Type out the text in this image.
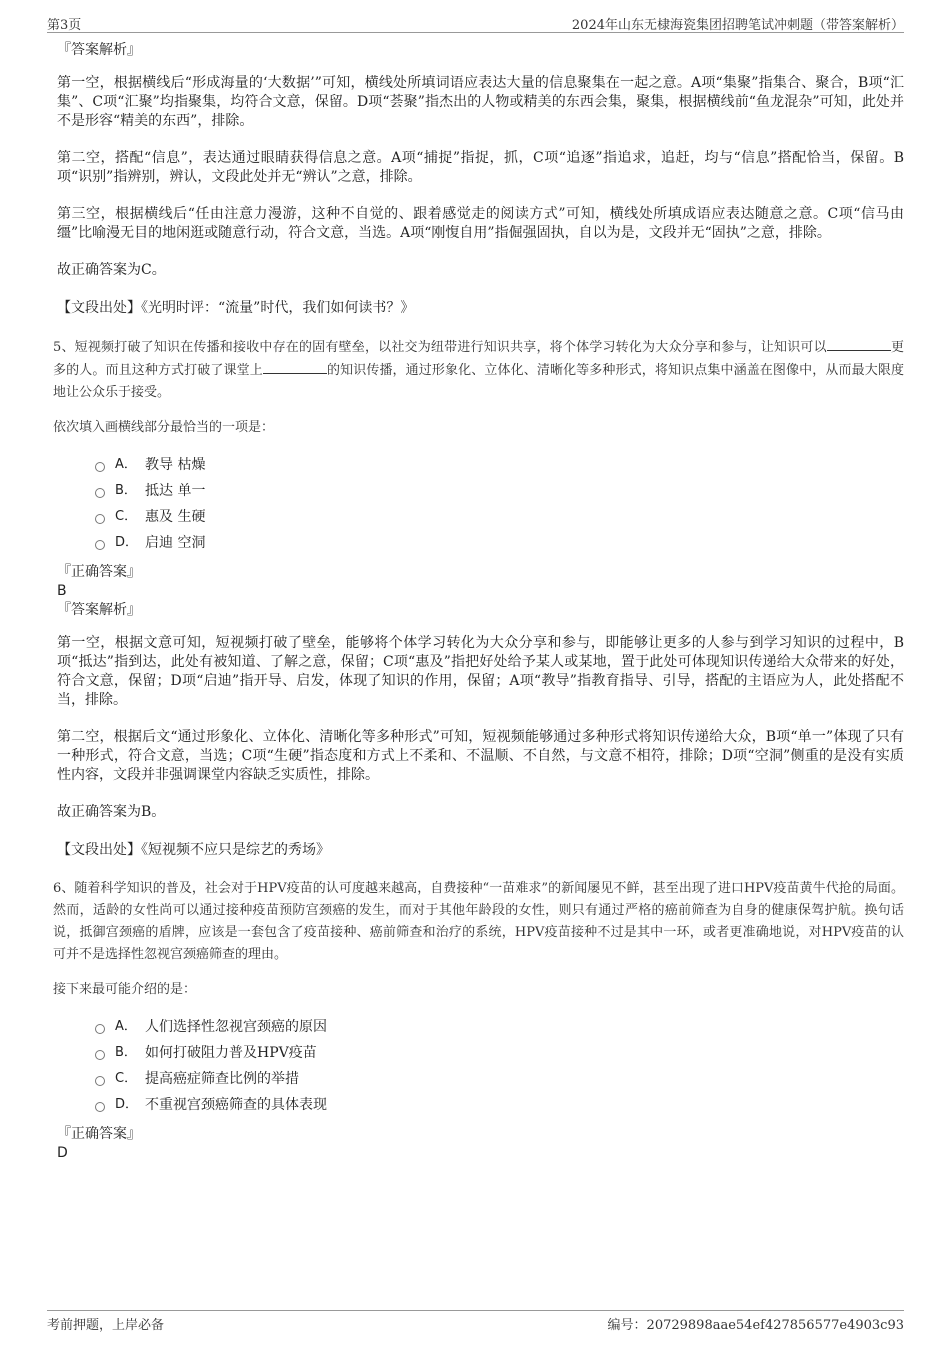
第3页	2024年山东无棣海瓷集团招聘笔试冲刺题（带答案解析）
『答案解析』

第一空，根据横线后“形成海量的‘大数据’”可知，横线处所填词语应表达大量的信息聚集在一起之意。A项“集聚”指集合、聚合，B项“汇集”、C项“汇聚”均指聚集，均符合文意，保留。D项“荟聚”指杰出的人物或精美的东西会集，聚集，根据横线前“鱼龙混杂”可知，此处并不是形容“精美的东西”，排除。

第二空，搭配“信息”，表达通过眼睛获得信息之意。A项“捕捉”指捉，抓，C项“追逐”指追求，追赶，均与“信息”搭配恰当，保留。B项“识别”指辨别，辨认，文段此处并无“辨认”之意，排除。

第三空，根据横线后“任由注意力漫游，这种不自觉的、跟着感觉走的阅读方式”可知，横线处所填成语应表达随意之意。C项“信马由缰”比喻漫无目的地闲逛或随意行动，符合文意，当选。A项“刚愎自用”指倔强固执，自以为是，文段并无“固执”之意，排除。

故正确答案为C。

【文段出处】《光明时评：“流量”时代，我们如何读书？》

5、短视频打破了知识在传播和接收中存在的固有壁垒，以社交为纽带进行知识共享，将个体学习转化为大众分享和参与，让知识可以	更多的人。而且这种方式打破了课堂上	的知识传播，通过形象化、立体化、清晰化等多种形式，将知识点集中涵盖在图像中，从而最大限度地让公众乐于接受。

依次填入画横线部分最恰当的一项是：
A． 教导 枯燥
B． 抵达 单一
C． 惠及 生硬
D． 启迪 空洞
『正确答案』
B
『答案解析』

第一空，根据文意可知，短视频打破了壁垒，能够将个体学习转化为大众分享和参与，即能够让更多的人参与到学习知识的过程中，B项“抵达”指到达，此处有被知道、了解之意，保留；C项“惠及”指把好处给予某人或某地，置于此处可体现知识传递给大众带来的好处，符合文意，保留；D项“启迪”指开导、启发，体现了知识的作用，保留；A项“教导”指教育指导、引导，搭配的主语应为人，此处搭配不当，排除。

第二空，根据后文“通过形象化、立体化、清晰化等多种形式”可知，短视频能够通过多种形式将知识传递给大众，B项“单一”体现了只有一种形式，符合文意，当选；C项“生硬”指态度和方式上不柔和、不温顺、不自然，与文意不相符，排除；D项“空洞”侧重的是没有实质性内容，文段并非强调课堂内容缺乏实质性，排除。

故正确答案为B。

【文段出处】《短视频不应只是综艺的秀场》

6、随着科学知识的普及，社会对于HPV疫苗的认可度越来越高，自费接种“一苗难求”的新闻屡见不鲜，甚至出现了进口HPV疫苗黄牛代抢的局面。然而，适龄的女性尚可以通过接种疫苗预防宫颈癌的发生，而对于其他年龄段的女性，则只有通过严格的癌前筛查为自身的健康保驾护航。换句话说，抵御宫颈癌的盾牌，应该是一套包含了疫苗接种、癌前筛查和治疗的系统，HPV疫苗接种不过是其中一环，或者更准确地说，对HPV疫苗的认可并不是选择性忽视宫颈癌筛查的理由。

接下来最可能介绍的是：
A． 人们选择性忽视宫颈癌的原因
B． 如何打破阻力普及HPV疫苗
C． 提高癌症筛查比例的举措
D． 不重视宫颈癌筛查的具体表现
『正确答案』
D
考前押题，上岸必备	编号：20729898aae54ef427856577e4903c93
